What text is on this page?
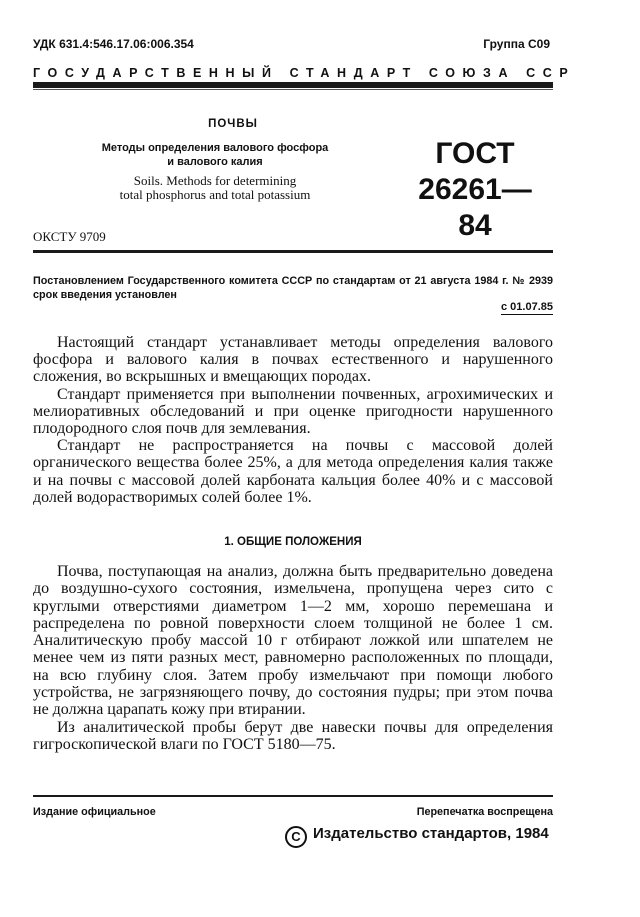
УДК 631.4:546.17.06:006.354	Группа С09
ГОСУДАРСТВЕННЫЙ СТАНДАРТ СОЮЗА ССР
ПОЧВЫ
Методы определения валового фосфора
и валового калия
Soils. Methods for determining
total phosphorus and total potassium
ГОСТ
26261—84
ОКСТУ 9709
Постановлением Государственного комитета СССР по стандартам от 21 августа 1984 г. № 2939 срок введения установлен
с 01.07.85

Настоящий стандарт устанавливает методы определения валового фосфора и валового калия в почвах естественного и нарушенного сложения, во вскрышных и вмещающих породах.

Стандарт применяется при выполнении почвенных, агрохимических и мелиоративных обследований и при оценке пригодности нарушенного плодородного слоя почв для землевания.

Стандарт не распространяется на почвы с массовой долей органического вещества более 25%, а для метода определения калия также и на почвы с массовой долей карбоната кальция более 40% и с массовой долей водорастворимых солей более 1%.

1. ОБЩИЕ ПОЛОЖЕНИЯ

Почва, поступающая на анализ, должна быть предварительно доведена до воздушно-сухого состояния, измельчена, пропущена через сито с круглыми отверстиями диаметром 1—2 мм, хорошо перемешана и распределена по ровной поверхности слоем толщиной не более 1 см. Аналитическую пробу массой 10 г отбирают ложкой или шпателем не менее чем из пяти разных мест, равномерно расположенных по площади, на всю глубину слоя. Затем пробу измельчают при помощи любого устройства, не загрязняющего почву, до состояния пудры; при этом почва не должна царапать кожу при втирании.

Из аналитической пробы берут две навески почвы для определения гигроскопической влаги по ГОСТ 5180—75.

Издание официальное	Перепечатка воспрещена
C Издательство стандартов, 1984
